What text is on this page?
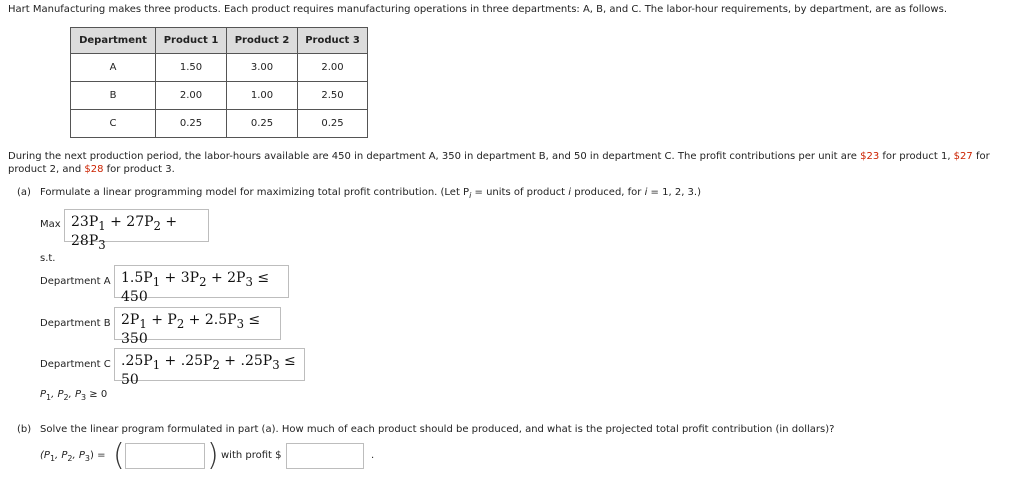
Hart Manufacturing makes three products. Each product requires manufacturing operations in three departments: A, B, and C. The labor-hour requirements, by department, are as follows.
Department	Product 1	Product 2	Product 3
A	1.50	3.00	2.00
B	2.00	1.00	2.50
C	0.25	0.25	0.25
During the next production period, the labor-hours available are 450 in department A, 350 in department B, and 50 in department C. The profit contributions per unit are $23 for product 1, $27 for
product 2, and $28 for product 3.
(a) Formulate a linear programming model for maximizing total profit contribution. (Let $P_i$ = units of product i produced, for i = 1, 2, 3.)
Max $23P_1 + 27P_2 + 28P_3$
s.t.
Department A $1.5P_1 + 3P_2 + 2P_3 \le 450$
Department B $2P_1 + P_2 + 2.5P_3 \le 350$
Department C $.25P_1 + .25P_2 + .25P_3 \le 50$
$P_1$, $P_2$, $P_3 \ge 0$
(b) Solve the linear program formulated in part (a). How much of each product should be produced, and what is the projected total profit contribution (in dollars)?
($P_1$, $P_2$, $P_3$) = (	) with profit $	.
